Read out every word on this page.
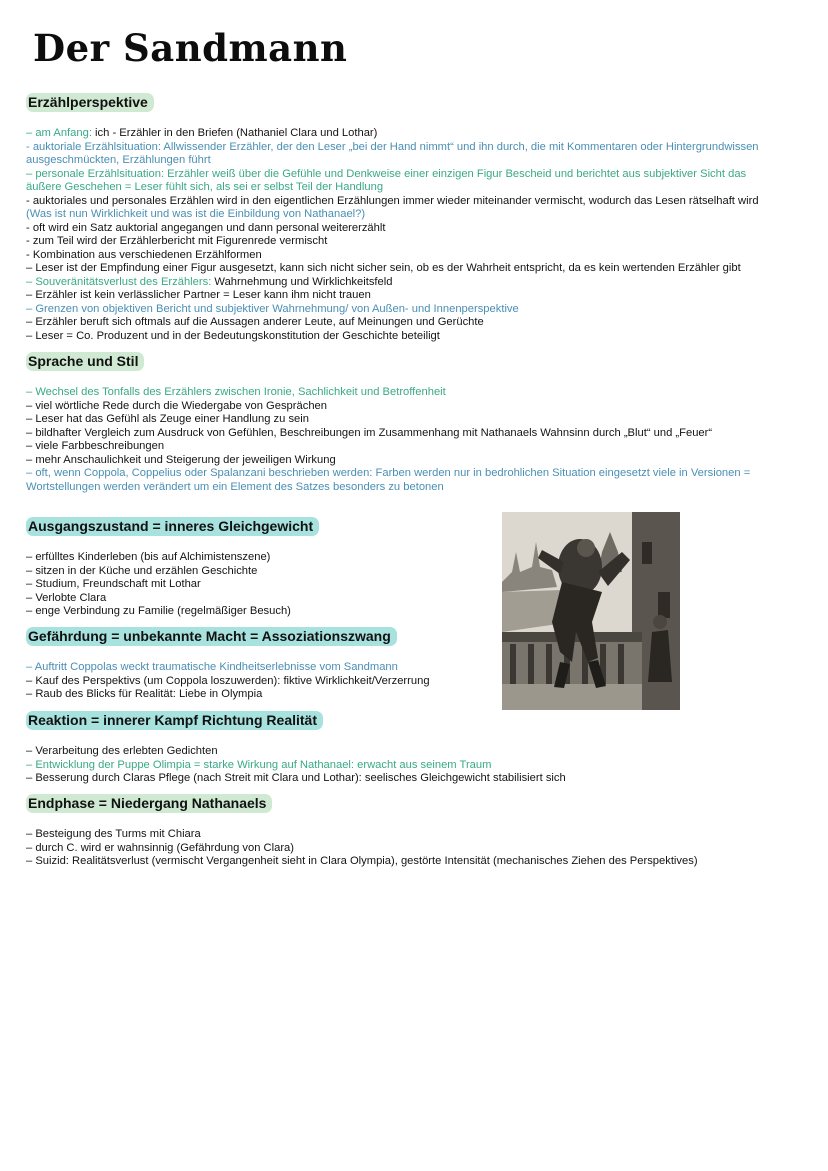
Der Sandmann
Erzählperspektive

– am Anfang: ich - Erzähler in den Briefen (Nathaniel Clara und Lothar)

- auktoriale Erzählsituation: Allwissender Erzähler, der den Leser „bei der Hand nimmt“ und ihn durch, die mit Kommentaren oder Hintergrundwissen

ausgeschmückten, Erzählungen führt

– personale Erzählsituation: Erzähler weiß über die Gefühle und Denkweise einer einzigen Figur Bescheid und berichtet aus subjektiver Sicht das

äußere Geschehen = Leser fühlt sich, als sei er selbst Teil der Handlung

- auktoriales und personales Erzählen wird in den eigentlichen Erzählungen immer wieder miteinander vermischt, wodurch das Lesen rätselhaft wird

(Was ist nun Wirklichkeit und was ist die Einbildung von Nathanael?)

- oft wird ein Satz auktorial angegangen und dann personal weitererzählt

- zum Teil wird der Erzählerbericht mit Figurenrede vermischt

- Kombination aus verschiedenen Erzählformen

– Leser ist der Empfindung einer Figur ausgesetzt, kann sich nicht sicher sein, ob es der Wahrheit entspricht, da es kein wertenden Erzähler gibt

– Souveränitätsverlust des Erzählers: Wahrnehmung und Wirklichkeitsfeld

– Erzähler ist kein verlässlicher Partner = Leser kann ihm nicht trauen

– Grenzen von objektiven Bericht und subjektiver Wahrnehmung/ von Außen- und Innenperspektive

– Erzähler beruft sich oftmals auf die Aussagen anderer Leute, auf Meinungen und Gerüchte

– Leser = Co. Produzent und in der Bedeutungskonstitution der Geschichte beteiligt

Sprache und Stil

– Wechsel des Tonfalls des Erzählers zwischen Ironie, Sachlichkeit und Betroffenheit

– viel wörtliche Rede durch die Wiedergabe von Gesprächen

– Leser hat das Gefühl als Zeuge einer Handlung zu sein

– bildhafter Vergleich zum Ausdruck von Gefühlen, Beschreibungen im Zusammenhang mit Nathanaels Wahnsinn durch „Blut“ und „Feuer“

– viele Farbbeschreibungen

– mehr Anschaulichkeit und Steigerung der jeweiligen Wirkung

– oft, wenn Coppola, Coppelius oder Spalanzani beschrieben werden: Farben werden nur in bedrohlichen Situation eingesetzt viele in Versionen =

Wortstellungen werden verändert um ein Element des Satzes besonders zu betonen

Ausgangszustand = inneres Gleichgewicht

– erfülltes Kinderleben (bis auf Alchimistenszene)

– sitzen in der Küche und erzählen Geschichte

– Studium, Freundschaft mit Lothar

– Verlobte Clara

– enge Verbindung zu Familie (regelmäßiger Besuch)

Gefährdung = unbekannte Macht = Assoziationszwang

– Auftritt Coppolas weckt traumatische Kindheitserlebnisse vom Sandmann

– Kauf des Perspektivs (um Coppola loszuwerden): fiktive Wirklichkeit/Verzerrung

– Raub des Blicks für Realität: Liebe in Olympia

Reaktion = innerer Kampf Richtung Realität

– Verarbeitung des erlebten Gedichten

– Entwicklung der Puppe Olimpia = starke Wirkung auf Nathanael: erwacht aus seinem Traum

– Besserung durch Claras Pflege (nach Streit mit Clara und Lothar): seelisches Gleichgewicht stabilisiert sich

Endphase = Niedergang Nathanaels

– Besteigung des Turms mit Chiara

– durch C. wird er wahnsinnig (Gefährdung von Clara)

– Suizid: Realitätsverlust (vermischt Vergangenheit sieht in Clara Olympia), gestörte Intensität (mechanisches Ziehen des Perspektives)
